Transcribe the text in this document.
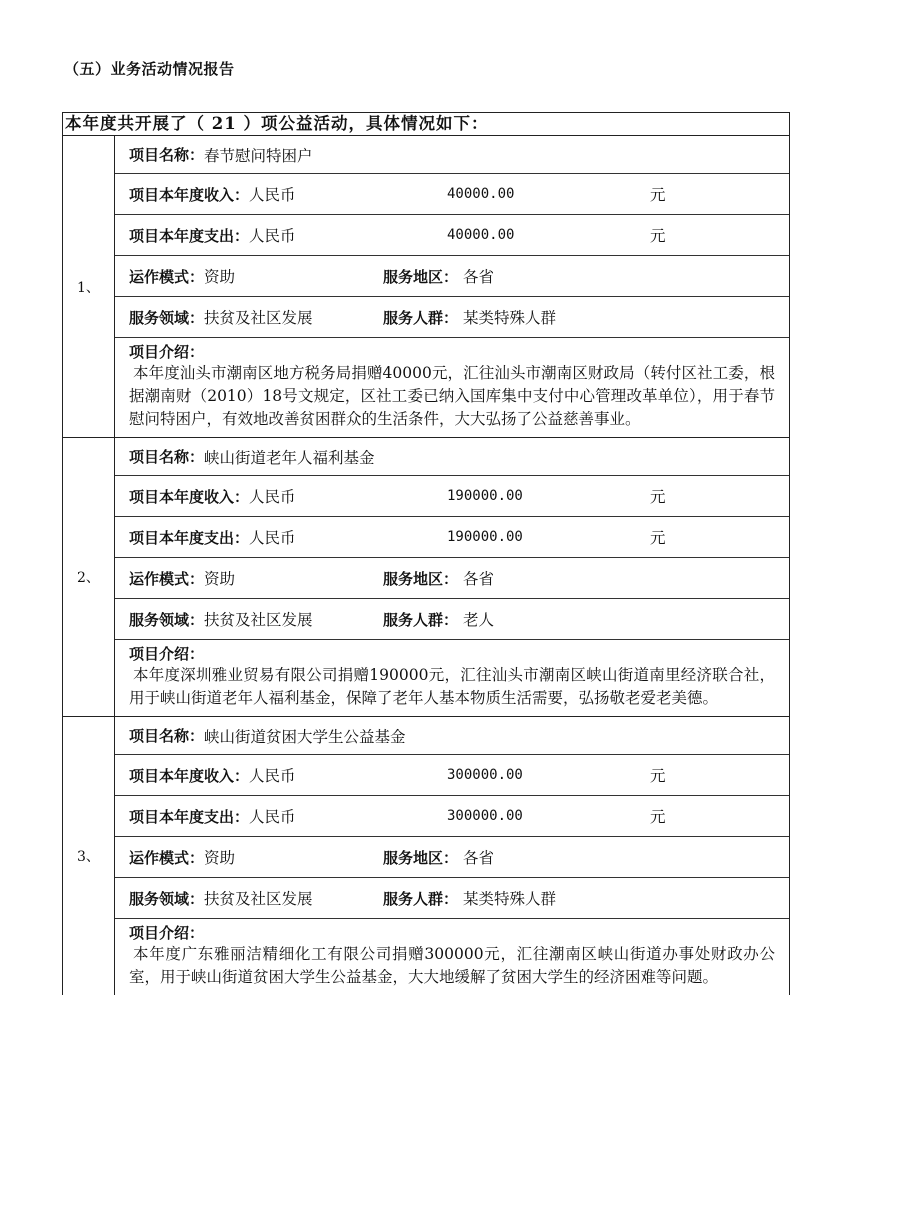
（五）业务活动情况报告
本年度共开展了（ 21 ）项公益活动，具体情况如下：
1、
项目名称： 春节慰问特困户
项目本年度收入： 人民币	40000.00	元
项目本年度支出： 人民币	40000.00	元
运作模式： 资助	服务地区： 各省
服务领域： 扶贫及社区发展	服务人群： 某类特殊人群
项目介绍：
本年度汕头市潮南区地方税务局捐赠40000元，汇往汕头市潮南区财政局（转付区社工委，根据潮南财（2010）18号文规定，区社工委已纳入国库集中支付中心管理改革单位），用于春节慰问特困户，有效地改善贫困群众的生活条件，大大弘扬了公益慈善事业。
2、
项目名称： 峡山街道老年人福利基金
项目本年度收入： 人民币	190000.00	元
项目本年度支出： 人民币	190000.00	元
运作模式： 资助	服务地区： 各省
服务领域： 扶贫及社区发展	服务人群： 老人
项目介绍：
本年度深圳雅业贸易有限公司捐赠190000元，汇往汕头市潮南区峡山街道南里经济联合社，用于峡山街道老年人福利基金，保障了老年人基本物质生活需要，弘扬敬老爱老美德。
3、
项目名称： 峡山街道贫困大学生公益基金
项目本年度收入： 人民币	300000.00	元
项目本年度支出： 人民币	300000.00	元
运作模式： 资助	服务地区： 各省
服务领域： 扶贫及社区发展	服务人群： 某类特殊人群
项目介绍：
本年度广东雅丽洁精细化工有限公司捐赠300000元，汇往潮南区峡山街道办事处财政办公室，用于峡山街道贫困大学生公益基金，大大地缓解了贫困大学生的经济困难等问题。
